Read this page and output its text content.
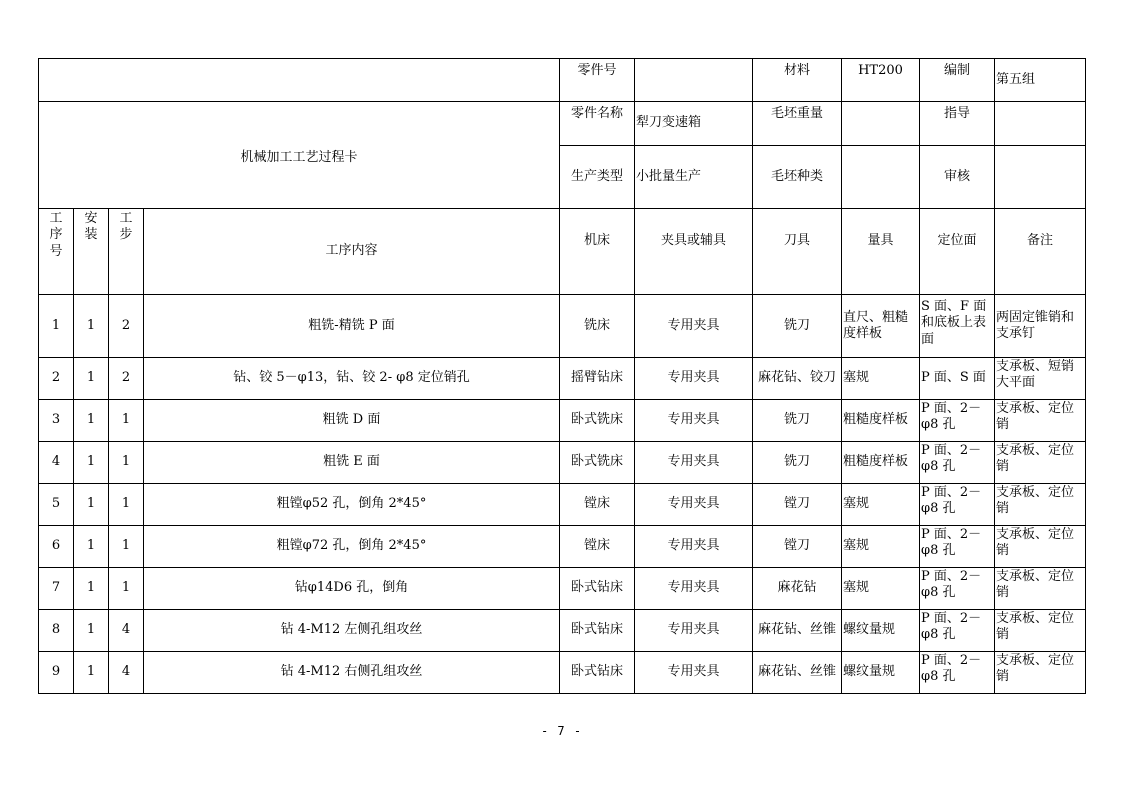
				零件号		材料	HT200	编制	第五组
机械加工工艺过程卡				零件名称	犁刀变速箱	毛坯重量		指导	
				生产类型	小批量生产	毛坯种类		审核	
工序号	安装	工步	工序内容	机床	夹具或辅具	刀具	量具	定位面	备注
1	1	2	粗铣-精铣 P 面	铣床	专用夹具	铣刀	直尺、粗糙度样板	S 面、F 面和底板上表面	两固定锥销和支承钉
2	1	2	钻、铰 5－φ13，钻、铰 2- φ8 定位销孔	摇臂钻床	专用夹具	麻花钻、铰刀	塞规	P 面、S 面	支承板、短销大平面
3	1	1	粗铣 D 面	卧式铣床	专用夹具	铣刀	粗糙度样板	P 面、2－φ8 孔	支承板、定位销
4	1	1	粗铣 E 面	卧式铣床	专用夹具	铣刀	粗糙度样板	P 面、2－φ8 孔	支承板、定位销
5	1	1	粗镗φ52 孔，倒角 2*45°	镗床	专用夹具	镗刀	塞规	P 面、2－φ8 孔	支承板、定位销
6	1	1	粗镗φ72 孔，倒角 2*45°	镗床	专用夹具	镗刀	塞规	P 面、2－φ8 孔	支承板、定位销
7	1	1	钻φ14D6 孔，倒角	卧式钻床	专用夹具	麻花钻	塞规	P 面、2－φ8 孔	支承板、定位销
8	1	4	钻 4-M12 左侧孔组攻丝	卧式钻床	专用夹具	麻花钻、丝锥	螺纹量规	P 面、2－φ8 孔	支承板、定位销
9	1	4	钻 4-M12 右侧孔组攻丝	卧式钻床	专用夹具	麻花钻、丝锥	螺纹量规	P 面、2－φ8 孔	支承板、定位销
- 7 -
